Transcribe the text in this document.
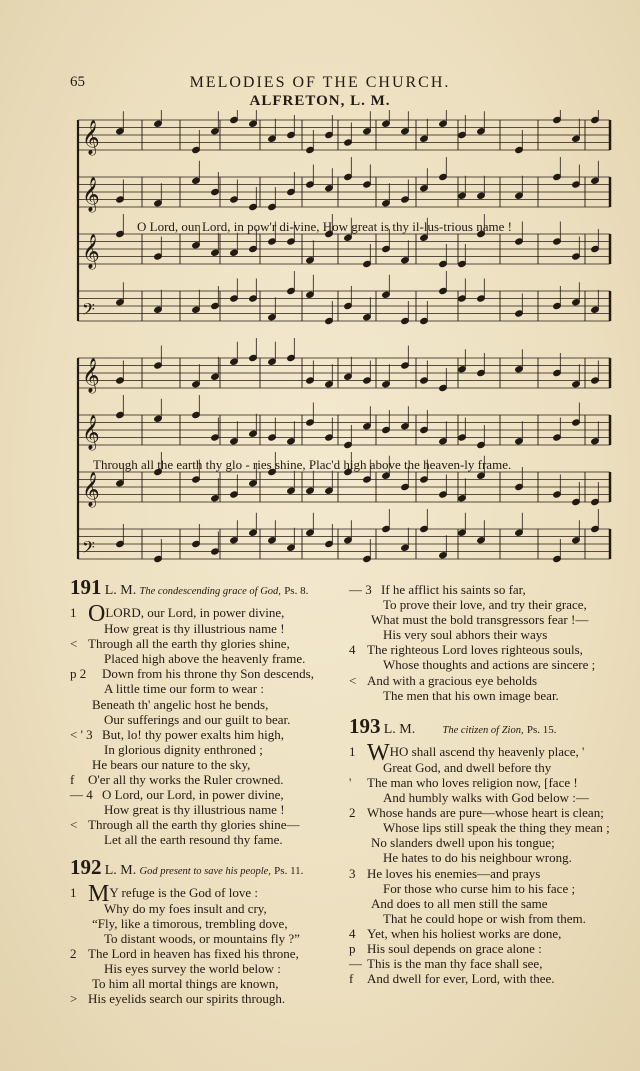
65	MELODIES OF THE CHURCH.
ALFRETON, L. M.
𝄞
𝄞
𝄞
𝄢
𝄞
𝄞
𝄞
𝄢
O Lord, our Lord, in pow'r di-vine, How great is thy il-lus-trious name !
Through all the earth thy glo - ries shine, Plac'd high above the heaven-ly frame.

191 L. M. The condescending grace of God, Ps. 8.

1 OLORD, our Lord, in power divine,

How great is thy illustrious name !

< Through all the earth thy glories shine,

Placed high above the heavenly frame.

p 2 Down from his throne thy Son descends,

A little time our form to wear :

Beneath th' angelic host he bends,

Our sufferings and our guilt to bear.

< ' 3 But, lo! thy power exalts him high,

In glorious dignity enthroned ;

He bears our nature to the sky,

f O'er all thy works the Ruler crowned.

— 4 O Lord, our Lord, in power divine,

How great is thy illustrious name !

< Through all the earth thy glories shine—

Let all the earth resound thy fame.

192 L. M. God present to save his people, Ps. 11.

1 MY refuge is the God of love :

Why do my foes insult and cry,

“Fly, like a timorous, trembling dove,

To distant woods, or mountains fly ?”

2 The Lord in heaven has fixed his throne,

His eyes survey the world below :

To him all mortal things are known,

> His eyelids search our spirits through.

— 3 If he afflict his saints so far,

To prove their love, and try their grace,

What must the bold transgressors fear !—

His very soul abhors their ways

4 The righteous Lord loves righteous souls,

Whose thoughts and actions are sincere ;

< And with a gracious eye beholds

The men that his own image bear.

193 L. M.	The citizen of Zion, Ps. 15.

1 WHO shall ascend thy heavenly place, '

Great God, and dwell before thy

' The man who loves religion now, [face !

And humbly walks with God below :—

2 Whose hands are pure—whose heart is clean;

Whose lips still speak the thing they mean ;

No slanders dwell upon his tongue;

He hates to do his neighbour wrong.

3 He loves his enemies—and prays

For those who curse him to his face ;

And does to all men still the same

That he could hope or wish from them.

4 Yet, when his holiest works are done,

p His soul depends on grace alone :

— This is the man thy face shall see,

f And dwell for ever, Lord, with thee.
